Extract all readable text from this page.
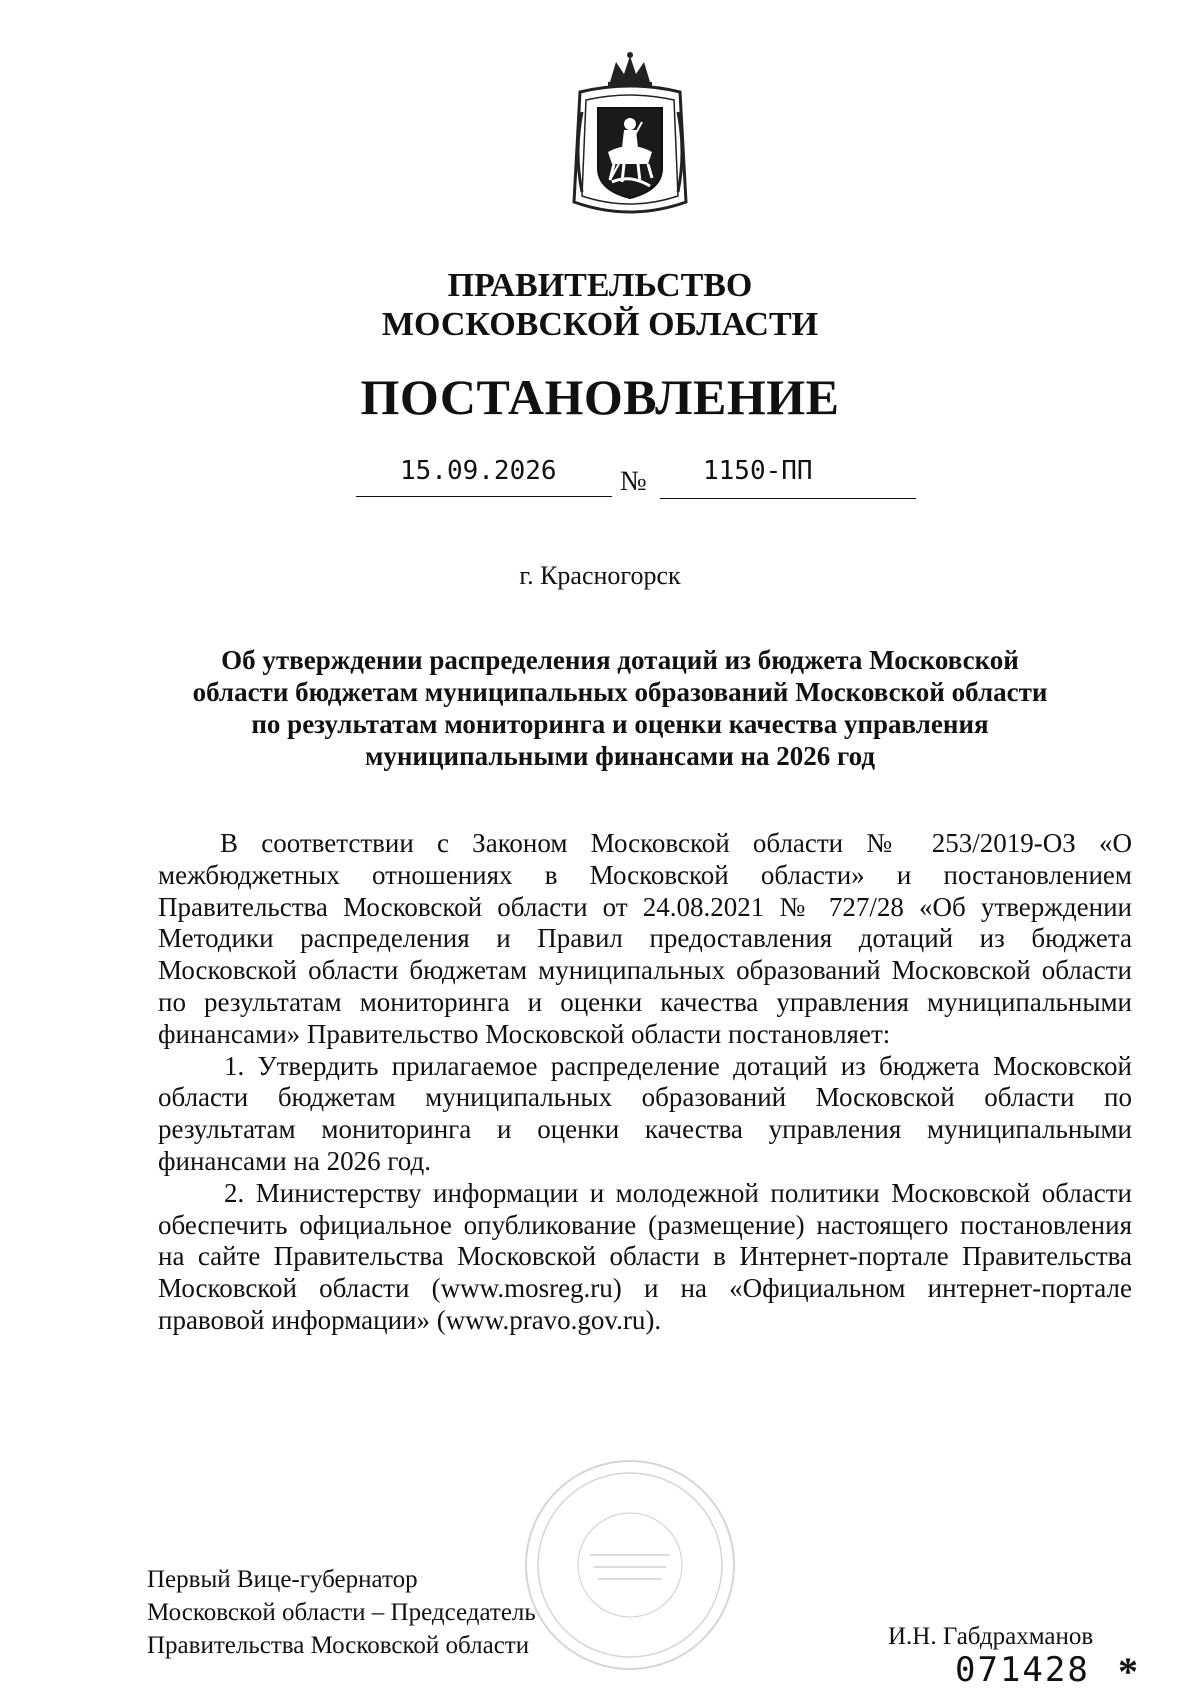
ПРАВИТЕЛЬСТВО
МОСКОВСКОЙ ОБЛАСТИ
ПОСТАНОВЛЕНИЕ
15.09.2026 № 1150-ПП
г. Красногорск
Об утверждении распределения дотаций из бюджета Московской области бюджетам муниципальных образований Московской области по результатам мониторинга и оценки качества управления муниципальными финансами на 2026 год

В соответствии с Законом Московской области № 253/2019-ОЗ «О межбюджетных отношениях в Московской области» и постановлением Правительства Московской области от 24.08.2021 № 727/28 «Об утверждении Методики распределения и Правил предоставления дотаций из бюджета Московской области бюджетам муниципальных образований Московской области по результатам мониторинга и оценки качества управления муниципальными финансами» Правительство Московской области постановляет:

1. Утвердить прилагаемое распределение дотаций из бюджета Московской области бюджетам муниципальных образований Московской области по результатам мониторинга и оценки качества управления муниципальными финансами на 2026 год.

2. Министерству информации и молодежной политики Московской области обеспечить официальное опубликование (размещение) настоящего постановления на сайте Правительства Московской области в Интернет-портале Правительства Московской области (www.mosreg.ru) и на «Официальном интернет-портале правовой информации» (www.pravo.gov.ru).

Первый Вице-губернатор
Московской области – Председатель
Правительства Московской области	И.Н. Габдрахманов
071428 *
